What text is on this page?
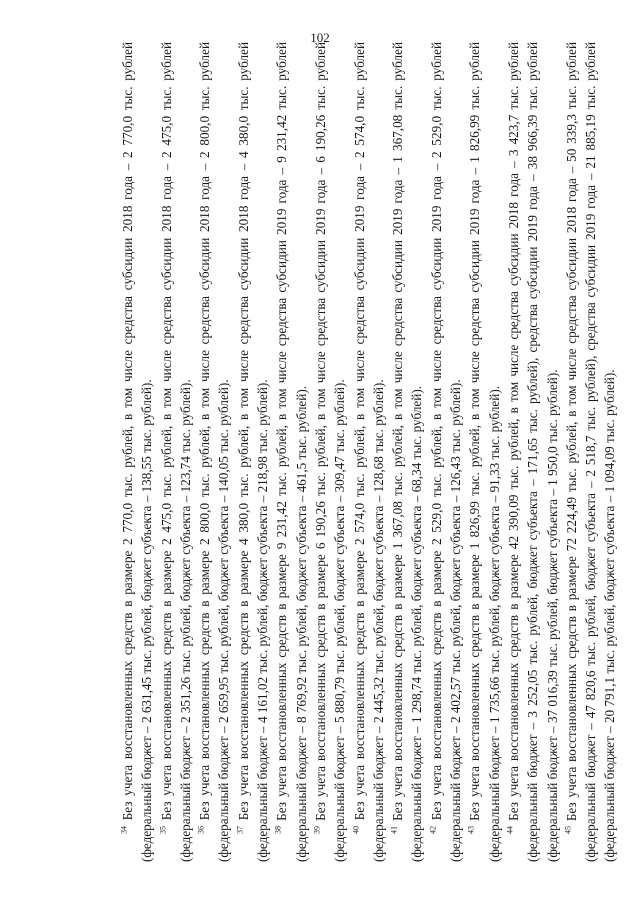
102

$^{34}$ Без учета восстановленных средств в размере 2 770,0 тыс. рублей, в том числе средства субсидии 2018 года – 2 770,0 тыс. рублей (федеральный бюджет – 2 631,45 тыс. рублей, бюджет субъекта – 138,55 тыс. рублей). $^{35}$ Без учета восстановленных средств в размере 2 475,0 тыс. рублей, в том числе средства субсидии 2018 года – 2 475,0 тыс. рублей (федеральный бюджет – 2 351,26 тыс. рублей, бюджет субъекта – 123,74 тыс. рублей). $^{36}$ Без учета восстановленных средств в размере 2 800,0 тыс. рублей, в том числе средства субсидии 2018 года – 2 800,0 тыс. рублей (федеральный бюджет – 2 659,95 тыс. рублей, бюджет субъекта – 140,05 тыс. рублей). $^{37}$ Без учета восстановленных средств в размере 4 380,0 тыс. рублей, в том числе средства субсидии 2018 года – 4 380,0 тыс. рублей (федеральный бюджет – 4 161,02 тыс. рублей, бюджет субъекта – 218,98 тыс. рублей). $^{38}$ Без учета восстановленных средств в размере 9 231,42 тыс. рублей, в том числе средства субсидии 2019 года – 9 231,42 тыс. рублей (федеральный бюджет – 8 769,92 тыс. рублей, бюджет субъекта – 461,5 тыс. рублей). $^{39}$ Без учета восстановленных средств в размере 6 190,26 тыс. рублей, в том числе средства субсидии 2019 года – 6 190,26 тыс. рублей (федеральный бюджет – 5 880,79 тыс. рублей, бюджет субъекта – 309,47 тыс. рублей). $^{40}$ Без учета восстановленных средств в размере 2 574,0 тыс. рублей, в том числе средства субсидии 2019 года – 2 574,0 тыс. рублей (федеральный бюджет – 2 445,32 тыс. рублей, бюджет субъекта – 128,68 тыс. рублей). $^{41}$ Без учета восстановленных средств в размере 1 367,08 тыс. рублей, в том числе средства субсидии 2019 года – 1 367,08 тыс. рублей (федеральный бюджет – 1 298,74 тыс. рублей, бюджет субъекта – 68,34 тыс. рублей). $^{42}$ Без учета восстановленных средств в размере 2 529,0 тыс. рублей, в том числе средства субсидии 2019 года – 2 529,0 тыс. рублей (федеральный бюджет – 2 402,57 тыс. рублей, бюджет субъекта – 126,43 тыс. рублей). $^{43}$ Без учета восстановленных средств в размере 1 826,99 тыс. рублей, в том числе средства субсидии 2019 года – 1 826,99 тыс. рублей (федеральный бюджет – 1 735,66 тыс. рублей, бюджет субъекта – 91,33 тыс. рублей). $^{44}$ Без учета восстановленных средств в размере 42 390,09 тыс. рублей, в том числе средства субсидии 2018 года – 3 423,7 тыс. рублей (федеральный бюджет – 3 252,05 тыс. рублей, бюджет субъекта – 171,65 тыс. рублей), средства субсидии 2019 года – 38 966,39 тыс. рублей (федеральный бюджет – 37 016,39 тыс. рублей, бюджет субъекта – 1 950,0 тыс. рублей). $^{45}$ Без учета восстановленных средств в размере 72 224,49 тыс. рублей, в том числе средства субсидии 2018 года – 50 339,3 тыс. рублей (федеральный бюджет – 47 820,6 тыс. рублей, бюджет субъекта – 2 518,7 тыс. рублей), средства субсидии 2019 года – 21 885,19 тыс. рублей (федеральный бюджет – 20 791,1 тыс. рублей, бюджет субъекта – 1 094,09 тыс. рублей).
